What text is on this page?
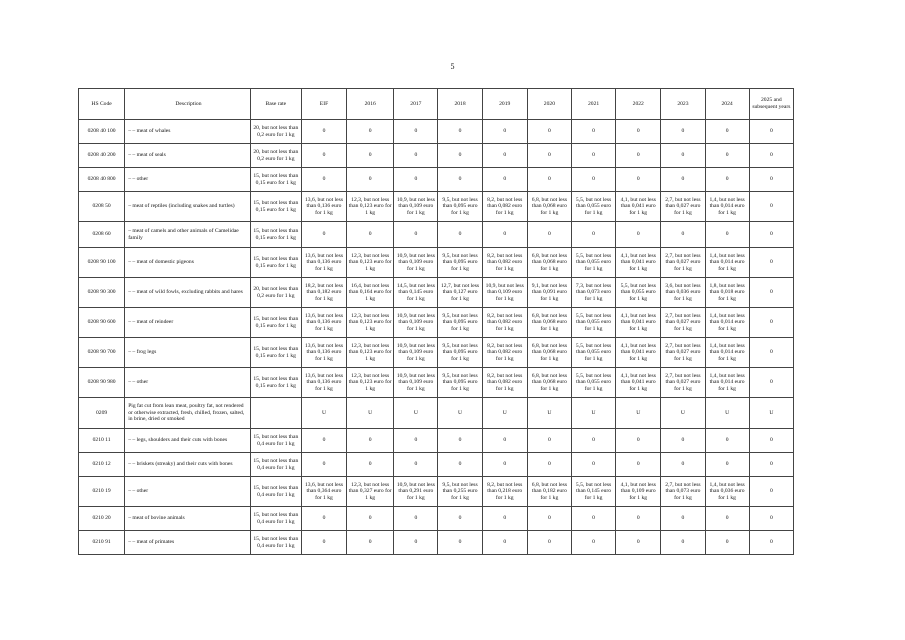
5
HS Code	Description	Base rate	EIF	2016	2017	2018	2019	2020	2021	2022	2023	2024	2025 and subsequent years
0208 40 100	– – meat of whales	20, but not less than 0,2 euro for 1 kg	0	0	0	0	0	0	0	0	0	0	0
0208 40 200	– – meat of seals	20, but not less than 0,2 euro for 1 kg	0	0	0	0	0	0	0	0	0	0	0
0208 40 800	– – other	15, but not less than 0,15 euro for 1 kg	0	0	0	0	0	0	0	0	0	0	0
0208 50	– meat of reptiles (including snakes and turtles)	15, but not less than 0,15 euro for 1 kg	13,6, but not less than 0,136 euro for 1 kg	12,3, but not less than 0,123 euro for 1 kg	10,9, but not less than 0,109 euro for 1 kg	9,5, but not less than 0,095 euro for 1 kg	8,2, but not less than 0,082 euro for 1 kg	6,8, but not less than 0,068 euro for 1 kg	5,5, but not less than 0,055 euro for 1 kg	4,1, but not less than 0,041 euro for 1 kg	2,7, but not less than 0,027 euro for 1 kg	1,4, but not less than 0,014 euro for 1 kg	0
0208 60	– meat of camels and other animals of Camelidae family	15, but not less than 0,15 euro for 1 kg	0	0	0	0	0	0	0	0	0	0	0
0208 90 100	– – meat of domestic pigeons	15, but not less than 0,15 euro for 1 kg	13,6, but not less than 0,136 euro for 1 kg	12,3, but not less than 0,123 euro for 1 kg	10,9, but not less than 0,109 euro for 1 kg	9,5, but not less than 0,095 euro for 1 kg	8,2, but not less than 0,082 euro for 1 kg	6,8, but not less than 0,068 euro for 1 kg	5,5, but not less than 0,055 euro for 1 kg	4,1, but not less than 0,041 euro for 1 kg	2,7, but not less than 0,027 euro for 1 kg	1,4, but not less than 0,014 euro for 1 kg	0
0208 90 300	– – meat of wild fowls, excluding rabbits and hares	20, but not less than 0,2 euro for 1 kg	18,2, but not less than 0,182 euro for 1 kg	16,4, but not less than 0,164 euro for 1 kg	14,5, but not less than 0,145 euro for 1 kg	12,7, but not less than 0,127 euro for 1 kg	10,9, but not less than 0,109 euro for 1 kg	9,1, but not less than 0,091 euro for 1 kg	7,3, but not less than 0,073 euro for 1 kg	5,5, but not less than 0,055 euro for 1 kg	3,6, but not less than 0,036 euro for 1 kg	1,8, but not less than 0,018 euro for 1 kg	0
0208 90 600	– – meat of reindeer	15, but not less than 0,15 euro for 1 kg	13,6, but not less than 0,136 euro for 1 kg	12,3, but not less than 0,123 euro for 1 kg	10,9, but not less than 0,109 euro for 1 kg	9,5, but not less than 0,095 euro for 1 kg	8,2, but not less than 0,082 euro for 1 kg	6,8, but not less than 0,068 euro for 1 kg	5,5, but not less than 0,055 euro for 1 kg	4,1, but not less than 0,041 euro for 1 kg	2,7, but not less than 0,027 euro for 1 kg	1,4, but not less than 0,014 euro for 1 kg	0
0208 90 700	– – frog legs	15, but not less than 0,15 euro for 1 kg	13,6, but not less than 0,136 euro for 1 kg	12,3, but not less than 0,123 euro for 1 kg	10,9, but not less than 0,109 euro for 1 kg	9,5, but not less than 0,095 euro for 1 kg	8,2, but not less than 0,082 euro for 1 kg	6,8, but not less than 0,068 euro for 1 kg	5,5, but not less than 0,055 euro for 1 kg	4,1, but not less than 0,041 euro for 1 kg	2,7, but not less than 0,027 euro for 1 kg	1,4, but not less than 0,014 euro for 1 kg	0
0208 90 980	– – other	15, but not less than 0,15 euro for 1 kg	13,6, but not less than 0,136 euro for 1 kg	12,3, but not less than 0,123 euro for 1 kg	10,9, but not less than 0,109 euro for 1 kg	9,5, but not less than 0,095 euro for 1 kg	8,2, but not less than 0,082 euro for 1 kg	6,8, but not less than 0,068 euro for 1 kg	5,5, but not less than 0,055 euro for 1 kg	4,1, but not less than 0,041 euro for 1 kg	2,7, but not less than 0,027 euro for 1 kg	1,4, but not less than 0,014 euro for 1 kg	0
0209	Pig fat cut from lean meat, poultry fat, not rendered or otherwise extracted, fresh, chilled, frozen, salted, in brine, dried or smoked		U	U	U	U	U	U	U	U	U	U	U
0210 11	– – legs, shoulders and their cuts with bones	15, but not less than 0,4 euro for 1 kg	0	0	0	0	0	0	0	0	0	0	0
0210 12	– – briskets (streaky) and their cuts with bones	15, but not less than 0,4 euro for 1 kg	0	0	0	0	0	0	0	0	0	0	0
0210 19	– – other	15, but not less than 0,4 euro for 1 kg	13,6, but not less than 0,364 euro for 1 kg	12,3, but not less than 0,327 euro for 1 kg	10,9, but not less than 0,291 euro for 1 kg	9,5, but not less than 0,255 euro for 1 kg	8,2, but not less than 0,218 euro for 1 kg	6,8, but not less than 0,182 euro for 1 kg	5,5, but not less than 0,145 euro for 1 kg	4,1, but not less than 0,109 euro for 1 kg	2,7, but not less than 0,073 euro for 1 kg	1,4, but not less than 0,036 euro for 1 kg	0
0210 20	– meat of bovine animals	15, but not less than 0,4 euro for 1 kg	0	0	0	0	0	0	0	0	0	0	0
0210 91	– – meat of primates	15, but not less than 0,4 euro for 1 kg	0	0	0	0	0	0	0	0	0	0	0
